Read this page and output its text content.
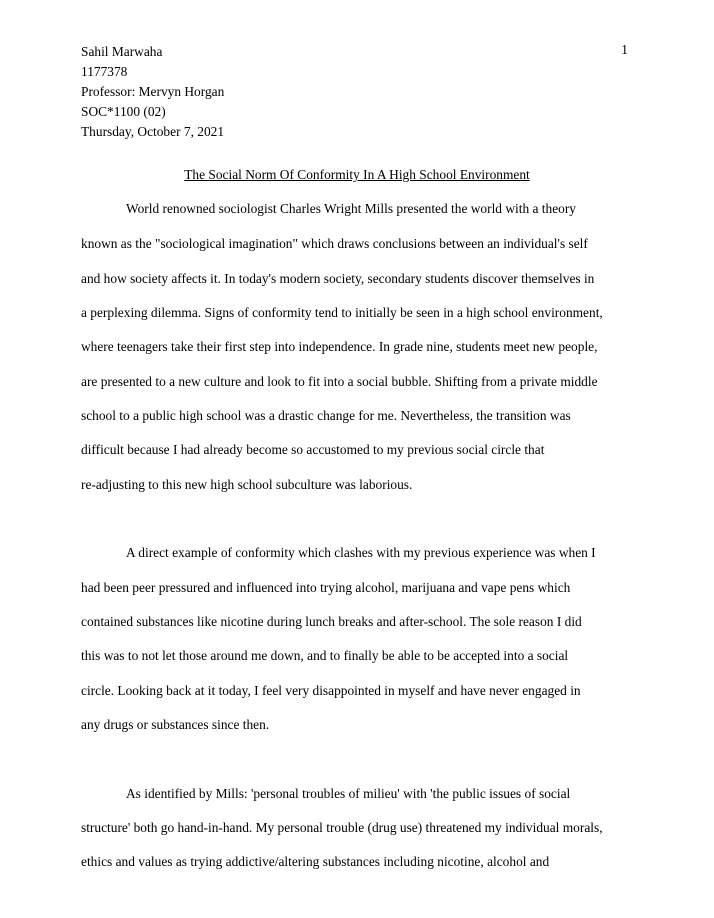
1
Sahil Marwaha
1177378
Professor: Mervyn Horgan
SOC*1100 (02)
Thursday, October 7, 2021
The Social Norm Of Conformity In A High School Environment
World renowned sociologist Charles Wright Mills presented the world with a theory
known as the "sociological imagination" which draws conclusions between an individual's self
and how society affects it. In today's modern society, secondary students discover themselves in
a perplexing dilemma. Signs of conformity tend to initially be seen in a high school environment,
where teenagers take their first step into independence. In grade nine, students meet new people,
are presented to a new culture and look to fit into a social bubble. Shifting from a private middle
school to a public high school was a drastic change for me. Nevertheless, the transition was
difficult because I had already become so accustomed to my previous social circle that
re-adjusting to this new high school subculture was laborious.
A direct example of conformity which clashes with my previous experience was when I
had been peer pressured and influenced into trying alcohol, marijuana and vape pens which
contained substances like nicotine during lunch breaks and after-school. The sole reason I did
this was to not let those around me down, and to finally be able to be accepted into a social
circle. Looking back at it today, I feel very disappointed in myself and have never engaged in
any drugs or substances since then.
As identified by Mills: 'personal troubles of milieu' with 'the public issues of social
structure' both go hand-in-hand. My personal trouble (drug use) threatened my individual morals,
ethics and values as trying addictive/altering substances including nicotine, alcohol and
